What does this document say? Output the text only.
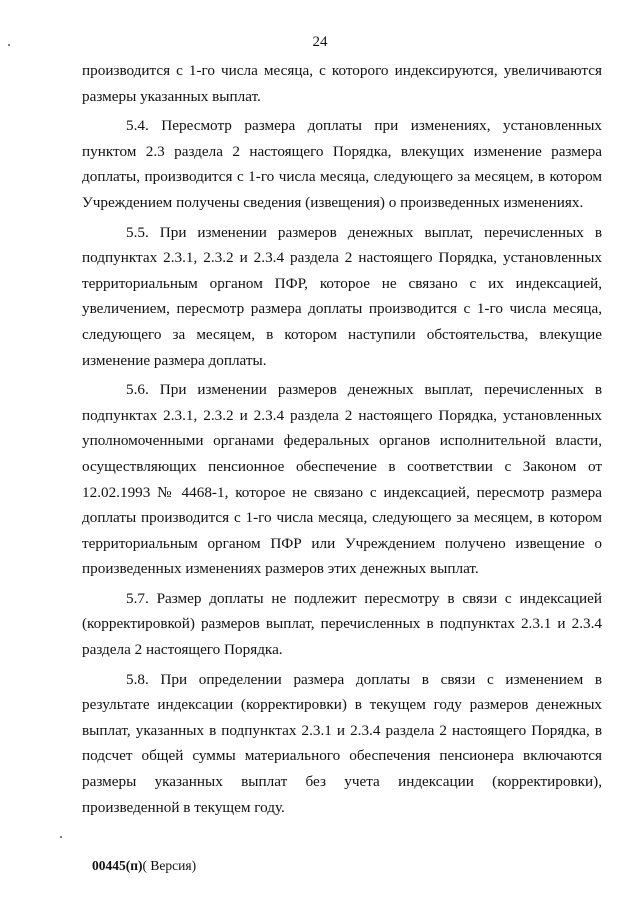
24

производится с 1-го числа месяца, с которого индексируются, увеличиваются размеры указанных выплат.

5.4. Пересмотр размера доплаты при изменениях, установленных пунктом 2.3 раздела 2 настоящего Порядка, влекущих изменение размера доплаты, производится с 1-го числа месяца, следующего за месяцем, в котором Учреждением получены сведения (извещения) о произведенных изменениях.

5.5. При изменении размеров денежных выплат, перечисленных в подпунктах 2.3.1, 2.3.2 и 2.3.4 раздела 2 настоящего Порядка, установленных территориальным органом ПФР, которое не связано с их индексацией, увеличением, пересмотр размера доплаты производится с 1-го числа месяца, следующего за месяцем, в котором наступили обстоятельства, влекущие изменение размера доплаты.

5.6. При изменении размеров денежных выплат, перечисленных в подпунктах 2.3.1, 2.3.2 и 2.3.4 раздела 2 настоящего Порядка, установленных уполномоченными органами федеральных органов исполнительной власти, осуществляющих пенсионное обеспечение в соответствии с Законом от 12.02.1993 № 4468-1, которое не связано с индексацией, пересмотр размера доплаты производится с 1-го числа месяца, следующего за месяцем, в котором территориальным органом ПФР или Учреждением получено извещение о произведенных изменениях размеров этих денежных выплат.

5.7. Размер доплаты не подлежит пересмотру в связи с индексацией (корректировкой) размеров выплат, перечисленных в подпунктах 2.3.1 и 2.3.4 раздела 2 настоящего Порядка.

5.8. При определении размера доплаты в связи с изменением в результате индексации (корректировки) в текущем году размеров денежных выплат, указанных в подпунктах 2.3.1 и 2.3.4 раздела 2 настоящего Порядка, в подсчет общей суммы материального обеспечения пенсионера включаются размеры указанных выплат без учета индексации (корректировки), произведенной в текущем году.

00445(п)( Версия)
